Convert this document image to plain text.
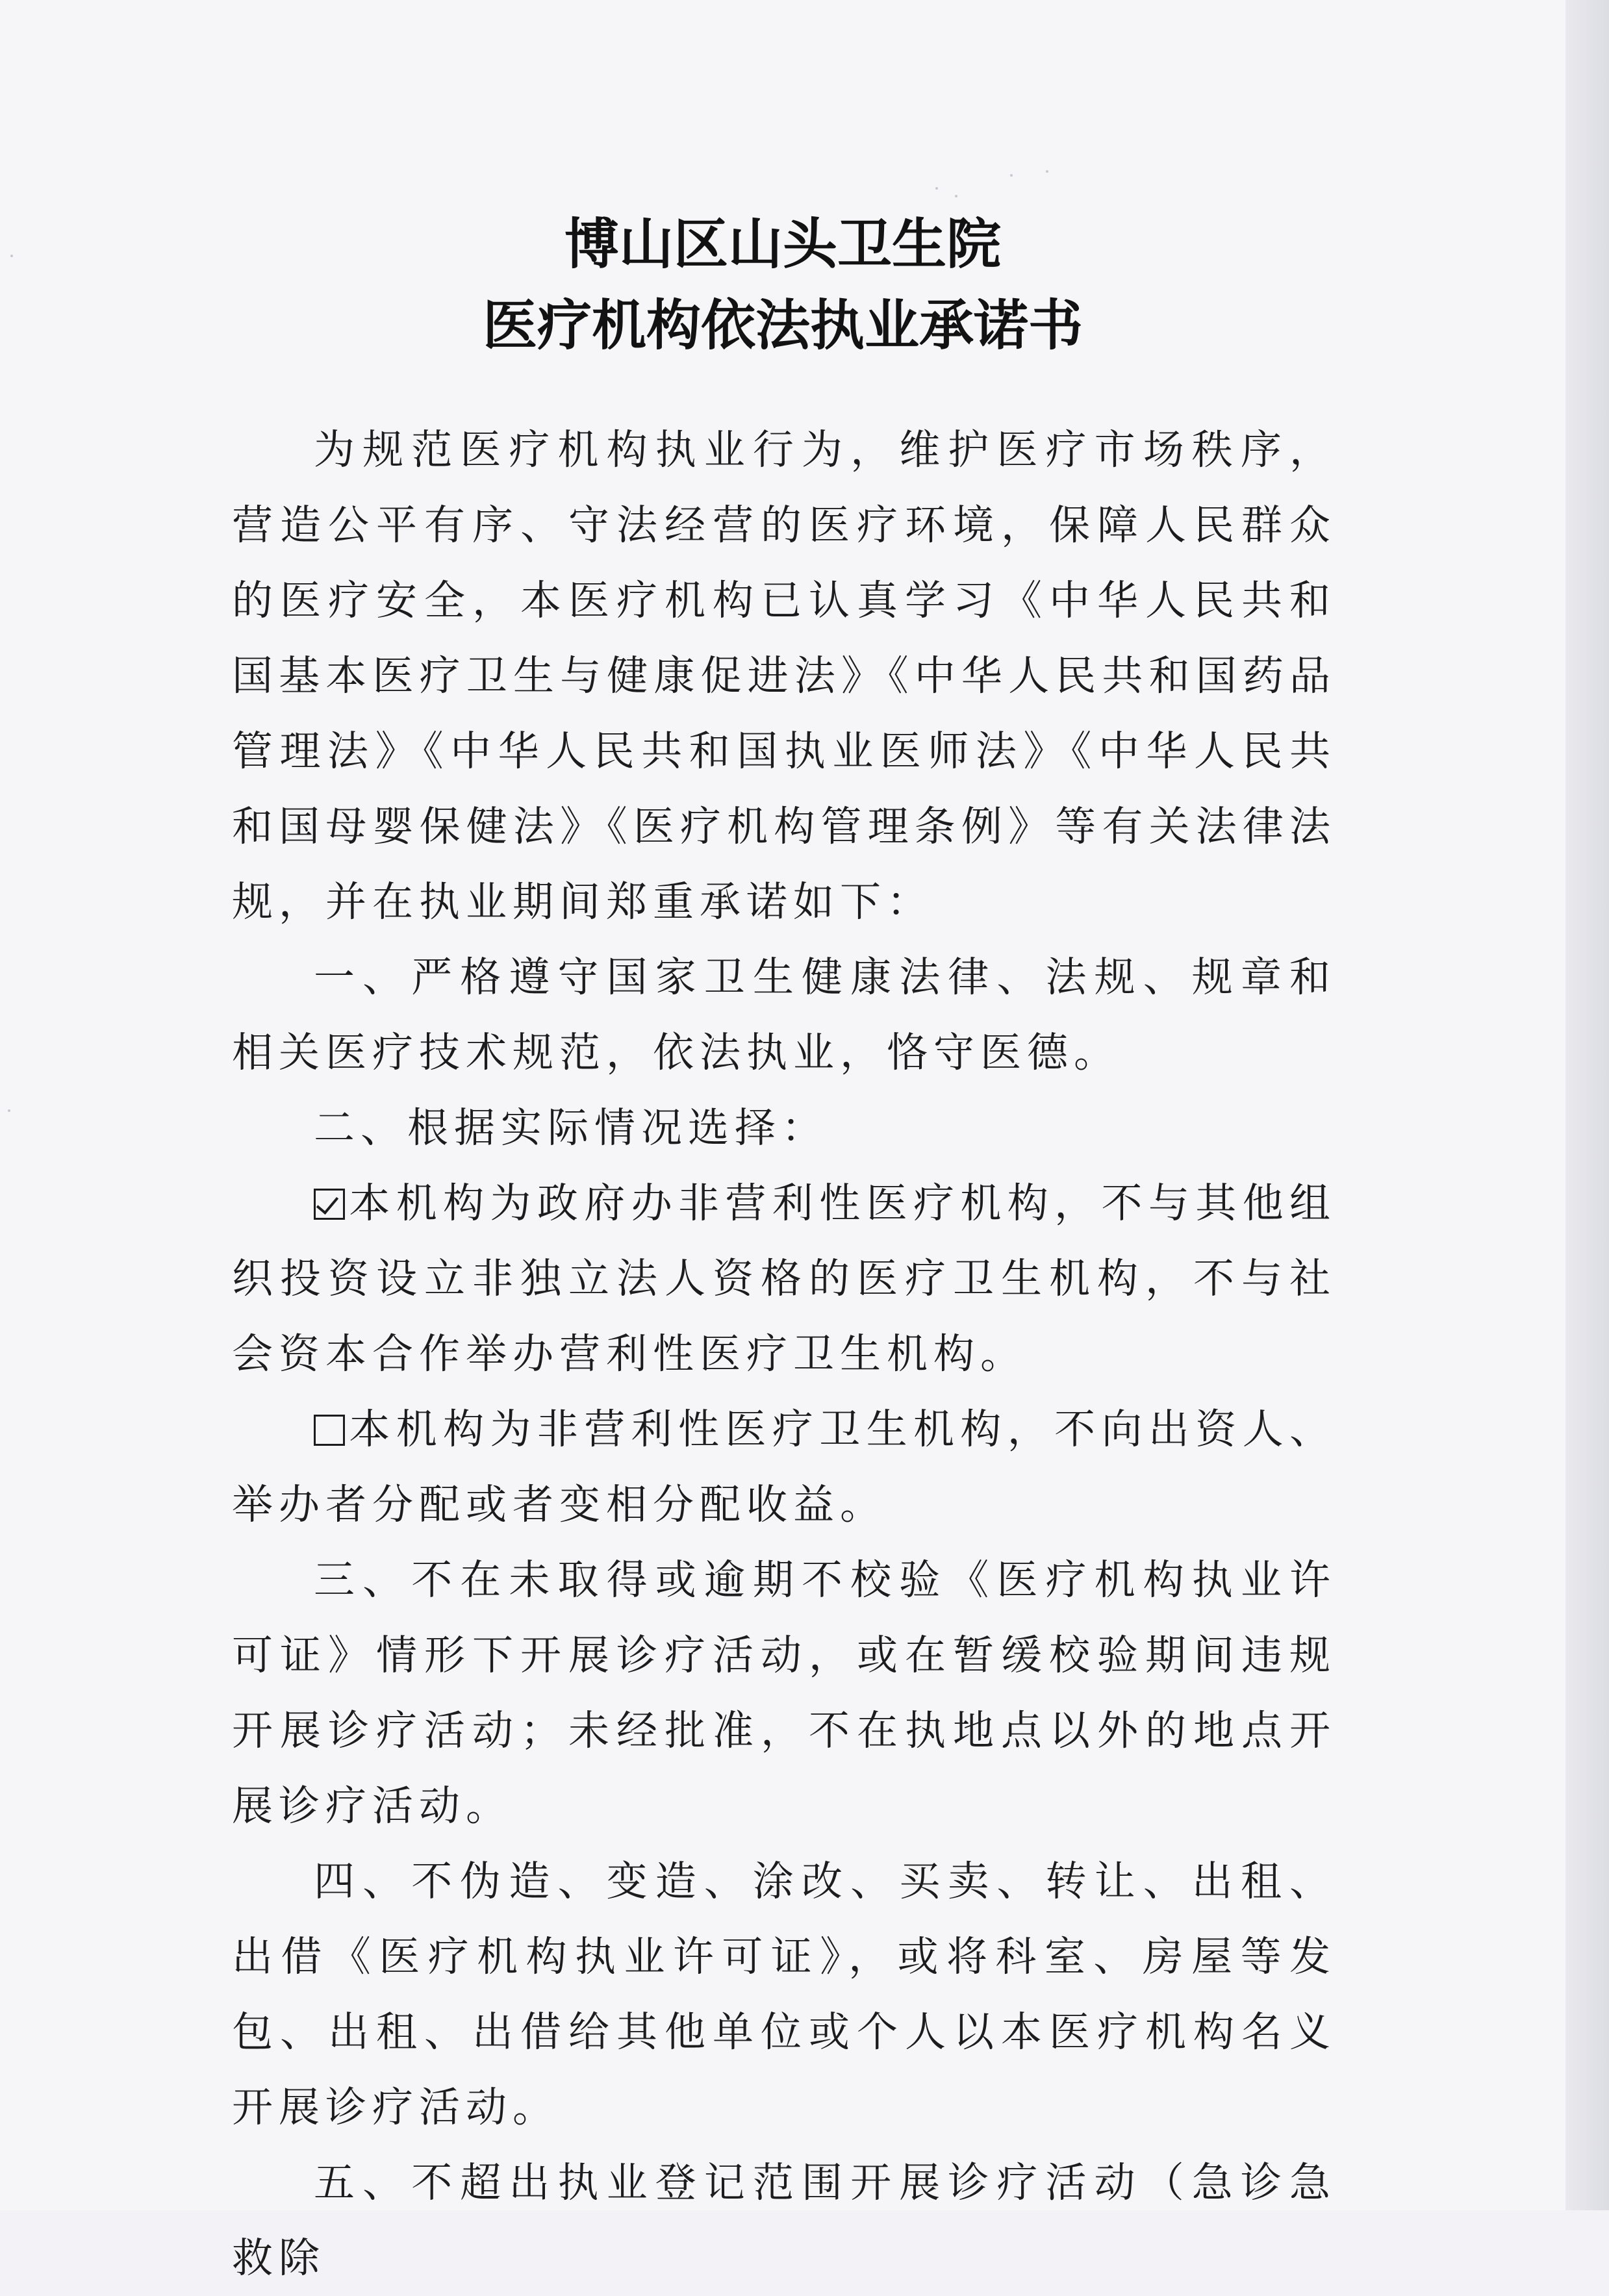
博山区山头卫生院
医疗机构依法执业承诺书

为规范医疗机构执业行为，维护医疗市场秩序，营造公平有序、守法经营的医疗环境，保障人民群众的医疗安全，本医疗机构已认真学习《中华人民共和国基本医疗卫生与健康促进法》《中华人民共和国药品管理法》《中华人民共和国执业医师法》《中华人民共和国母婴保健法》《医疗机构管理条例》等有关法律法规，并在执业期间郑重承诺如下：

一、严格遵守国家卫生健康法律、法规、规章和相关医疗技术规范，依法执业，恪守医德。

二、根据实际情况选择：

本机构为政府办非营利性医疗机构，不与其他组织投资设立非独立法人资格的医疗卫生机构，不与社会资本合作举办营利性医疗卫生机构。

本机构为非营利性医疗卫生机构，不向出资人、举办者分配或者变相分配收益。

三、不在未取得或逾期不校验《医疗机构执业许可证》情形下开展诊疗活动，或在暂缓校验期间违规开展诊疗活动；未经批准，不在执地点以外的地点开展诊疗活动。

四、不伪造、变造、涂改、买卖、转让、出租、出借《医疗机构执业许可证》，或将科室、房屋等发包、出租、出借给其他单位或个人以本医疗机构名义开展诊疗活动。

五、不超出执业登记范围开展诊疗活动（急诊急救除
